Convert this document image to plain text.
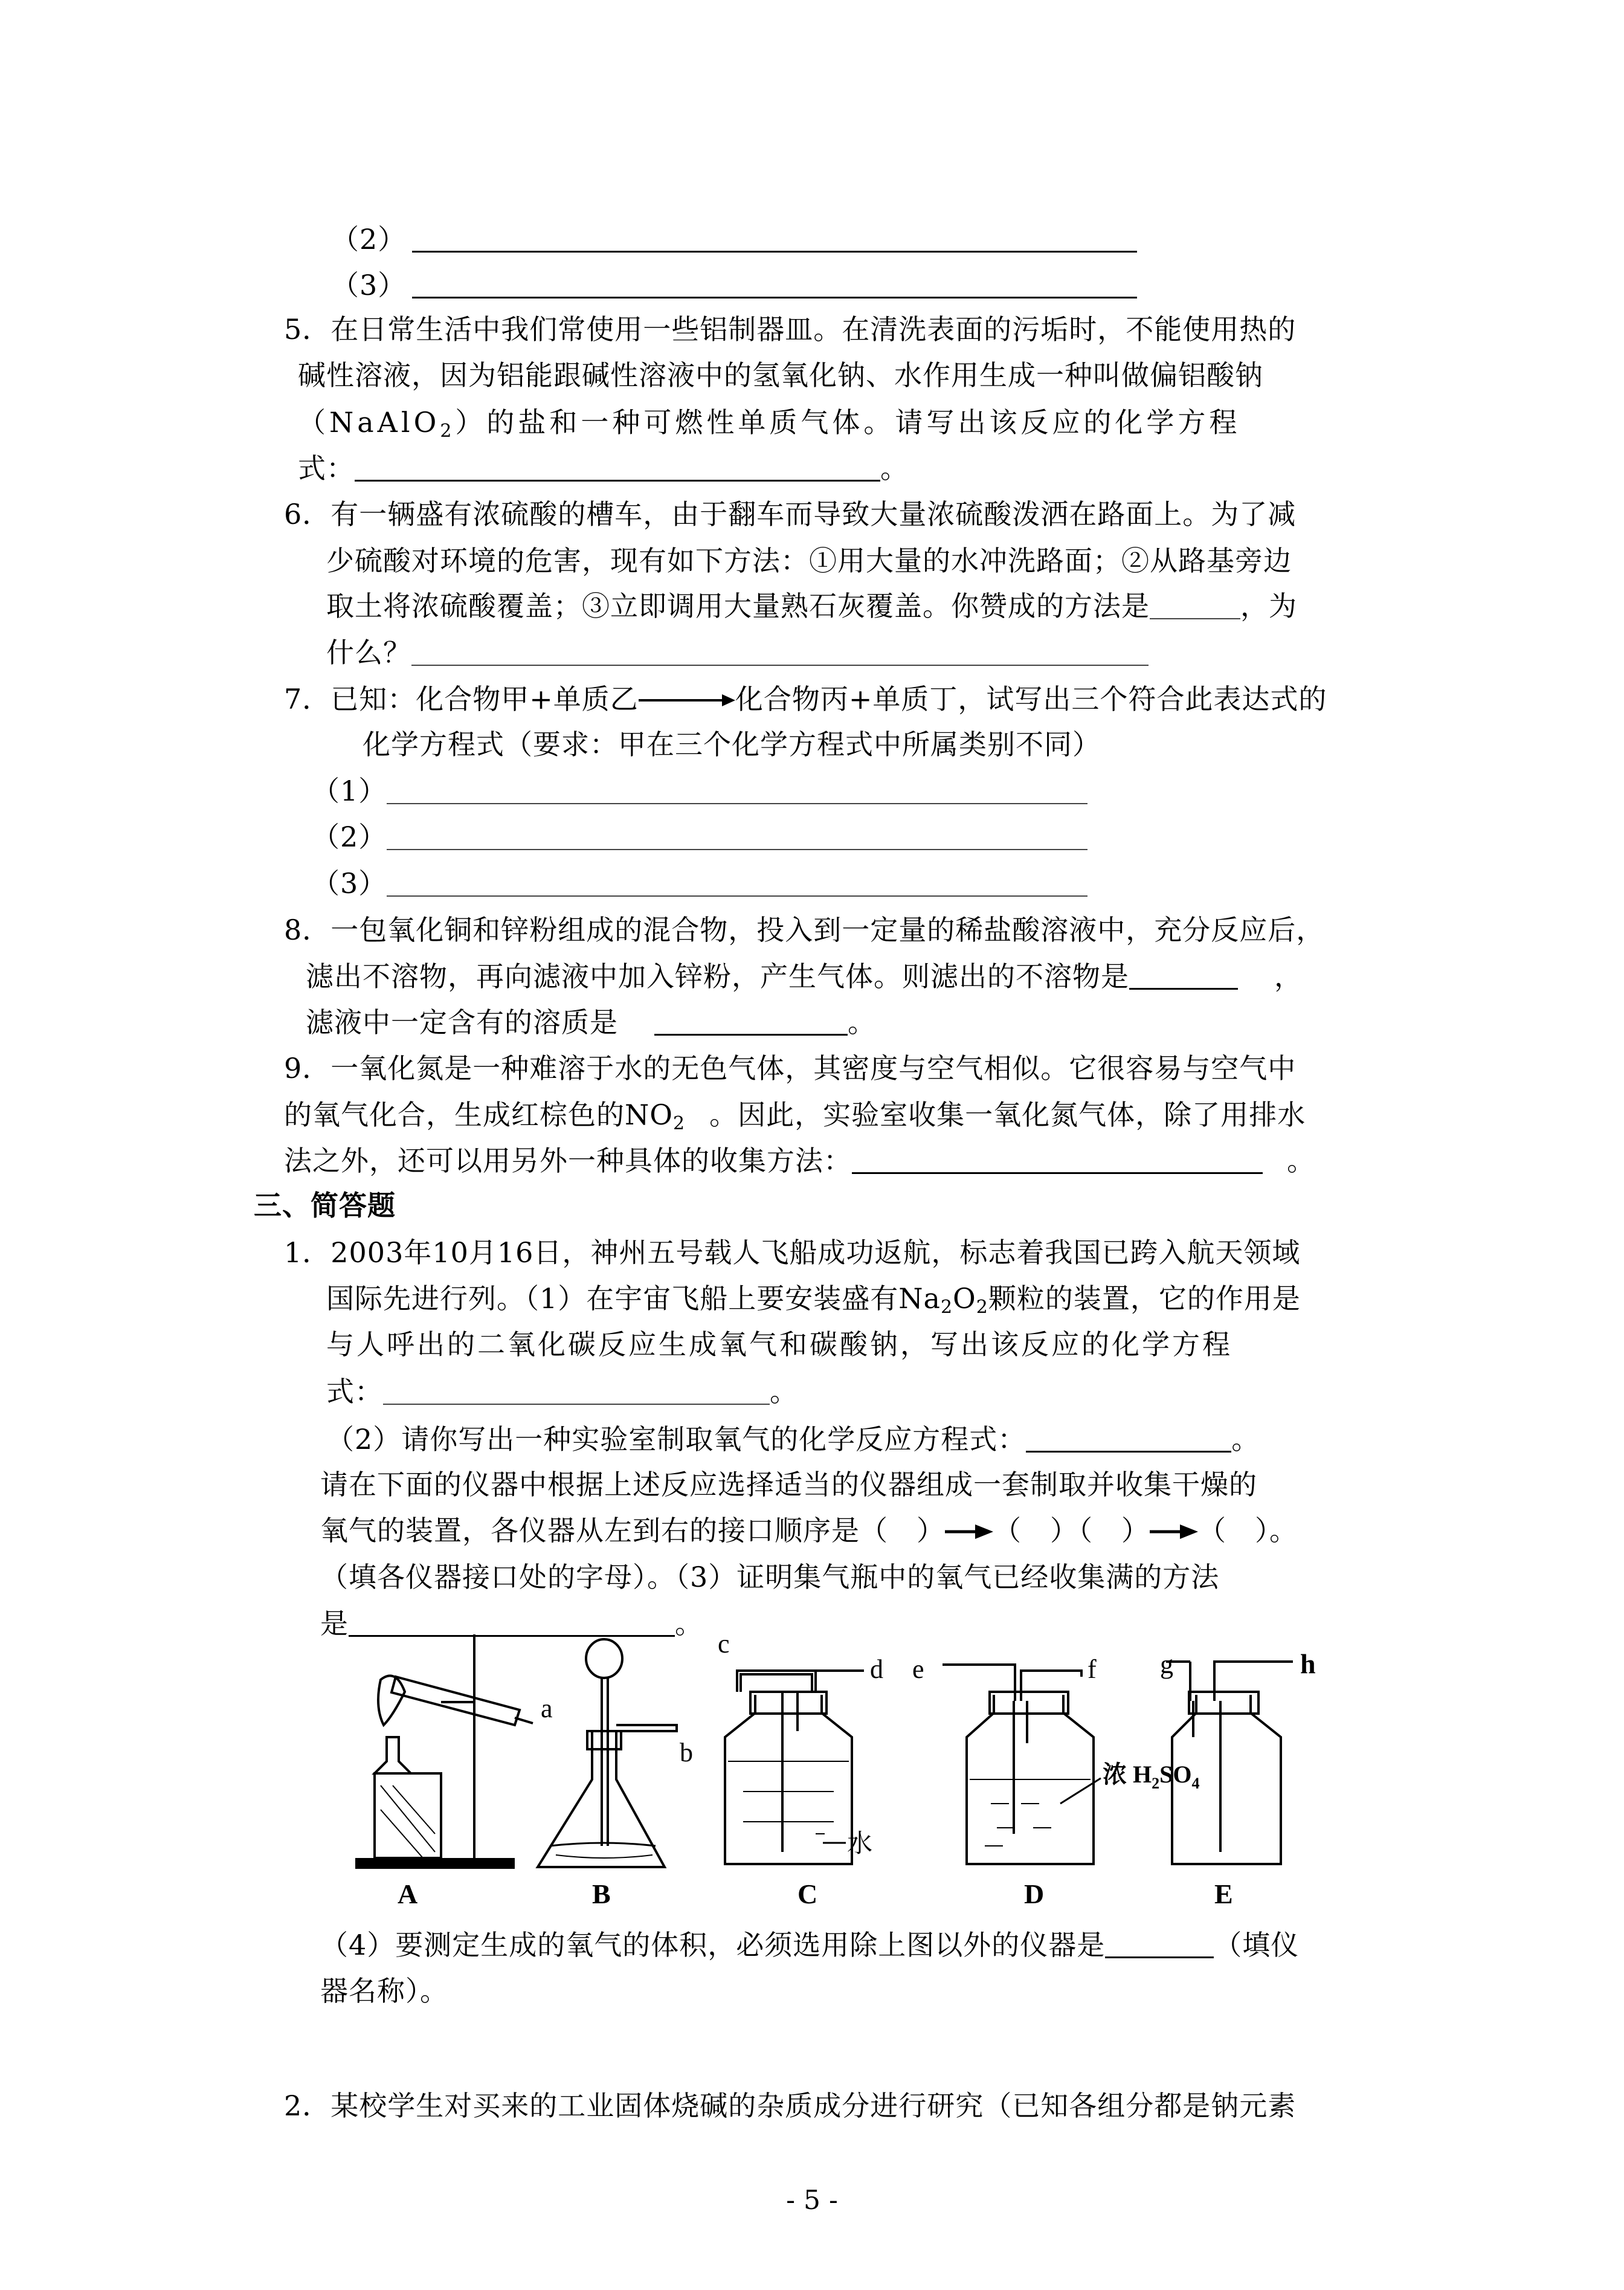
（2）
（3）
5．在日常生活中我们常使用一些铝制器皿。在清洗表面的污垢时，不能使用热的
碱性溶液，因为铝能跟碱性溶液中的氢氧化钠、水作用生成一种叫做偏铝酸钠
（NaAlO$_2$）的盐和一种可燃性单质气体。请写出该反应的化学方程
式：	。
6．有一辆盛有浓硫酸的槽车，由于翻车而导致大量浓硫酸泼洒在路面上。为了减
少硫酸对环境的危害，现有如下方法：①用大量的水冲洗路面；②从路基旁边
取土将浓硫酸覆盖；③立即调用大量熟石灰覆盖。你赞成的方法是	，为
什么？
7．已知：化合物甲+单质乙→化合物丙+单质丁，试写出三个符合此表达式的
化学方程式（要求：甲在三个化学方程式中所属类别不同）
（1）
（2）
（3）
8．一包氧化铜和锌粉组成的混合物，投入到一定量的稀盐酸溶液中，充分反应后，
滤出不溶物，再向滤液中加入锌粉，产生气体。则滤出的不溶物是	，
滤液中一定含有的溶质是	。
9．一氧化氮是一种难溶于水的无色气体，其密度与空气相似。它很容易与空气中
的氧气化合，生成红棕色的$NO_2$ 。因此，实验室收集一氧化氮气体，除了用排水
法之外，还可以用另外一种具体的收集方法：	。
三、简答题
1．2003年10月16日，神州五号载人飞船成功返航，标志着我国已跨入航天领域
国际先进行列。（1）在宇宙飞船上要安装盛有$Na_2O_2$颗粒的装置，它的作用是
与人呼出的二氧化碳反应生成氧气和碳酸钠，写出该反应的化学方程
式：	。
（2）请你写出一种实验室制取氧气的化学反应方程式：	。
请在下面的仪器中根据上述反应选择适当的仪器组成一套制取并收集干燥的
氧气的装置，各仪器从左到右的接口顺序是（　） （　）（　） （　）。
（填各仪器接口处的字母）。（3）证明集气瓶中的氧气已经收集满的方法
是	。
a
b
c
d e	f g	h
水
浓 $H_2SO_4$
A	B	C	D	E
（4）要测定生成的氧气的体积，必须选用除上图以外的仪器是	（填仪
器名称）。
2．某校学生对买来的工业固体烧碱的杂质成分进行研究（已知各组分都是钠元素
- 5 -
